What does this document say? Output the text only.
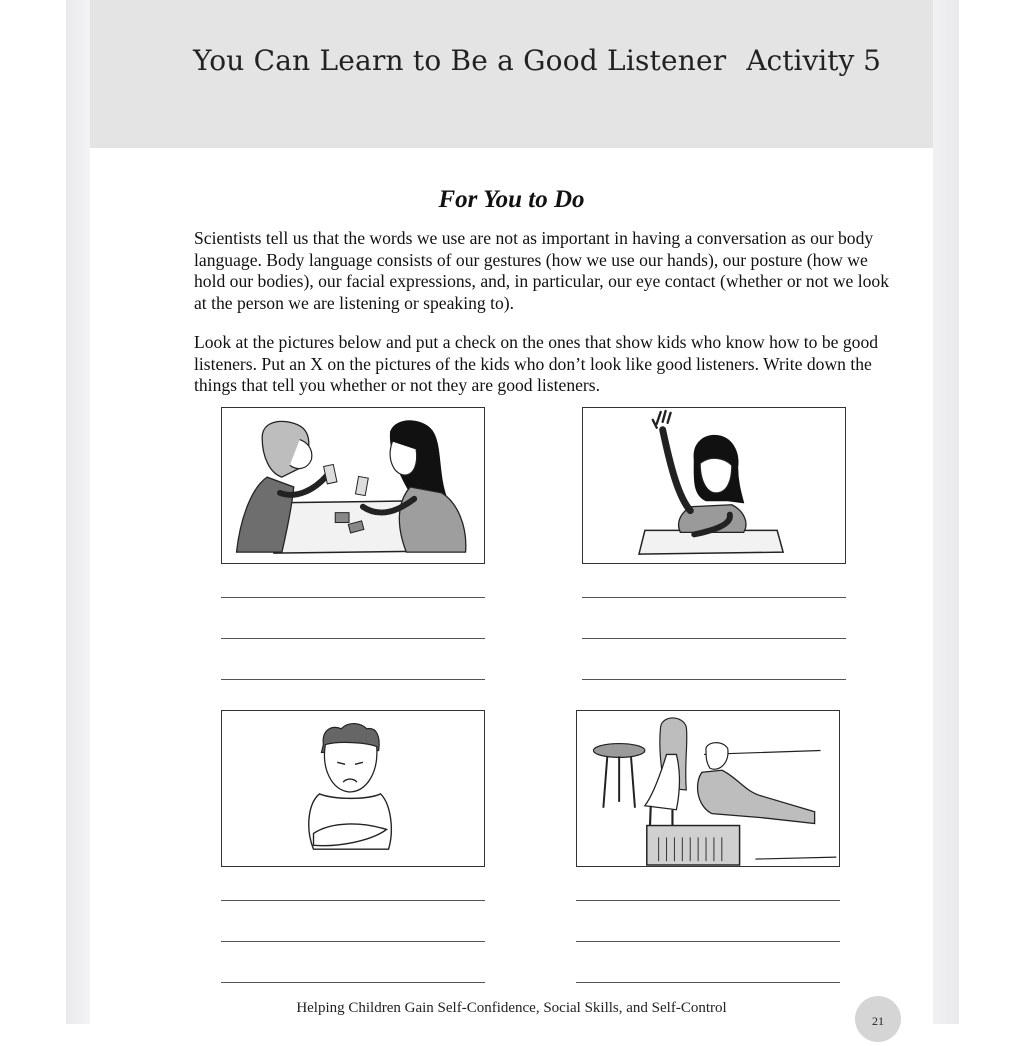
You Can Learn to Be a Good Listener Activity 5
For You to Do

Scientists tell us that the words we use are not as important in having a conversation as our body language. Body language consists of our gestures (how we use our hands), our posture (how we hold our bodies), our facial expressions, and, in particular, our eye contact (whether or not we look at the person we are listening or speaking to).

Look at the pictures below and put a check on the ones that show kids who know how to be good listeners. Put an X on the pictures of the kids who don’t look like good listeners. Write down the things that tell you whether or not they are good listeners.

Helping Children Gain Self-Confidence, Social Skills, and Self-Control
21
